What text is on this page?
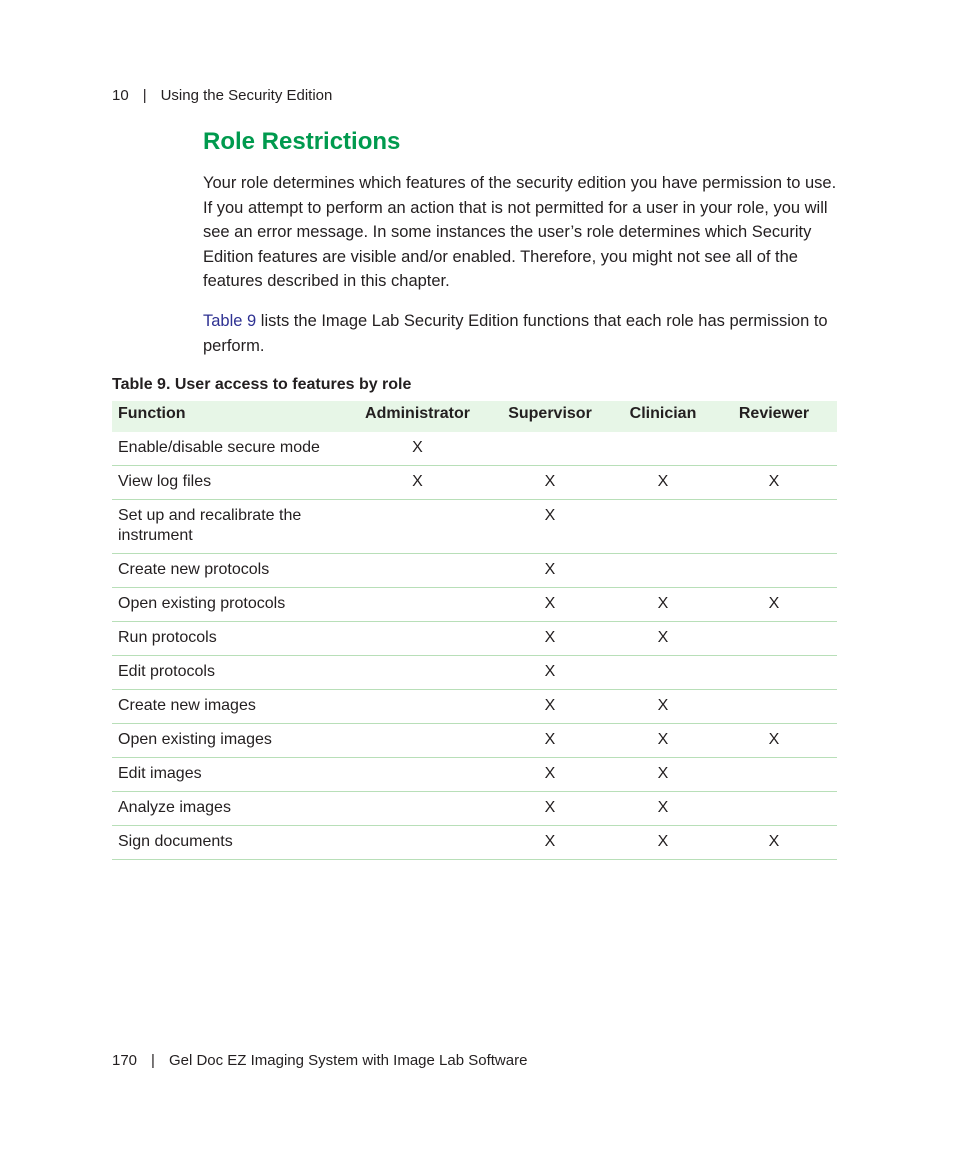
10 | Using the Security Edition
Role Restrictions

Your role determines which features of the security edition you have permission to use. If you attempt to perform an action that is not permitted for a user in your role, you will see an error message. In some instances the user’s role determines which Security Edition features are visible and/or enabled. Therefore, you might not see all of the features described in this chapter.

Table 9 lists the Image Lab Security Edition functions that each role has permission to perform.

Table 9. User access to features by role

Function	Administrator	Supervisor	Clinician	Reviewer
Enable/disable secure mode	X			
View log files	X	X	X	X
Set up and recalibrate the instrument		X		
Create new protocols		X		
Open existing protocols		X	X	X
Run protocols		X	X	
Edit protocols		X		
Create new images		X	X	
Open existing images		X	X	X
Edit images		X	X	
Analyze images		X	X	
Sign documents		X	X	X
170 | Gel Doc EZ Imaging System with Image Lab Software
